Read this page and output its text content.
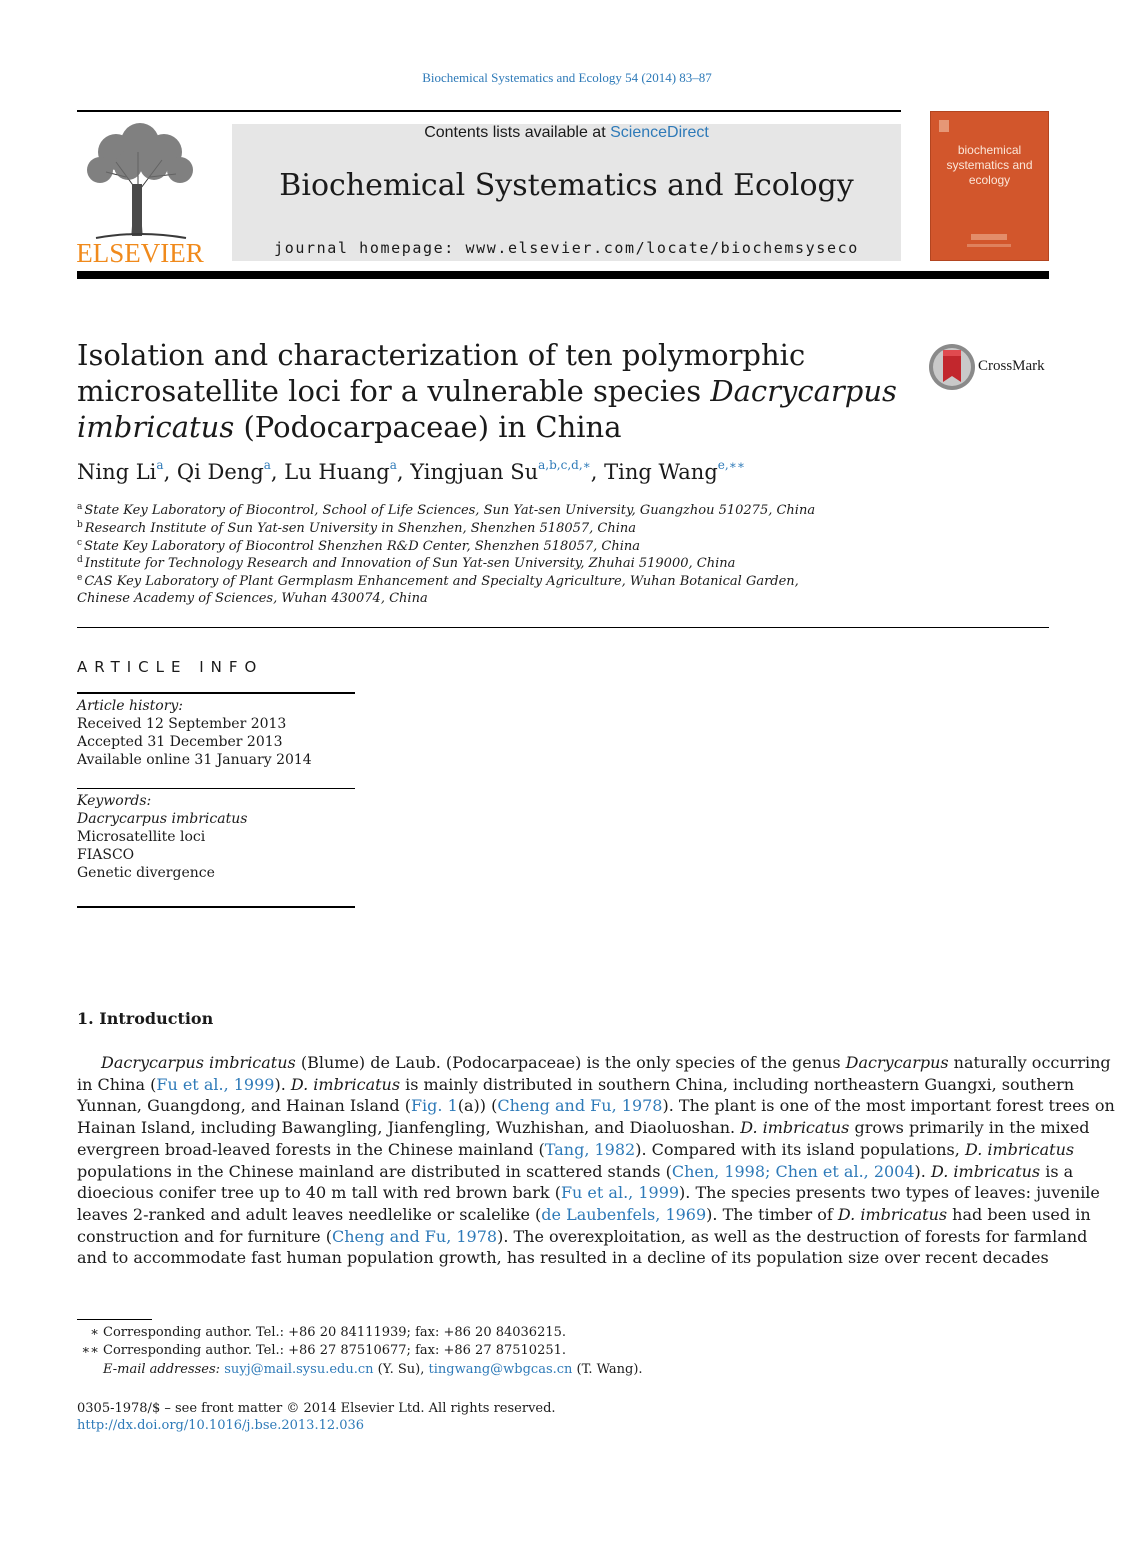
Biochemical Systematics and Ecology 54 (2014) 83–87
ELSEVIER
Contents lists available at ScienceDirect
Biochemical Systematics and Ecology
journal homepage: www.elsevier.com/locate/biochemsyseco
biochemical systematics and ecology
Isolation and characterization of ten polymorphic
microsatellite loci for a vulnerable species Dacrycarpus
imbricatus (Podocarpaceae) in China
CrossMark
Ning Li$^a$, Qi Deng$^a$, Lu Huang$^a$, Yingjuan $Su^{a,b,c,d,∗}$, Ting Wang$^{e,∗∗}$
$^a$ State Key Laboratory of Biocontrol, School of Life Sciences, Sun Yat-sen University, Guangzhou 510275, China
$^b$ Research Institute of Sun Yat-sen University in Shenzhen, Shenzhen 518057, China
$^c$ State Key Laboratory of Biocontrol Shenzhen R&D Center, Shenzhen 518057, China
$^d$ Institute for Technology Research and Innovation of Sun Yat-sen University, Zhuhai 519000, China
$^e$ CAS Key Laboratory of Plant Germplasm Enhancement and Specialty Agriculture, Wuhan Botanical Garden,
Chinese Academy of Sciences, Wuhan 430074, China
ARTICLE INFO
Article history:
Received 12 September 2013
Accepted 31 December 2013
Available online 31 January 2014
Keywords:
Dacrycarpus imbricatus
Microsatellite loci
FIASCO
Genetic divergence
1. Introduction
Dacrycarpus imbricatus (Blume) de Laub. (Podocarpaceae) is the only species of the genus Dacrycarpus naturally occurring
in China (Fu et al., 1999). D. imbricatus is mainly distributed in southern China, including northeastern Guangxi, southern
Yunnan, Guangdong, and Hainan Island (Fig. 1(a)) (Cheng and Fu, 1978). The plant is one of the most important forest trees on
Hainan Island, including Bawangling, Jianfengling, Wuzhishan, and Diaoluoshan. D. imbricatus grows primarily in the mixed
evergreen broad-leaved forests in the Chinese mainland (Tang, 1982). Compared with its island populations, D. imbricatus
populations in the Chinese mainland are distributed in scattered stands (Chen, 1998; Chen et al., 2004). D. imbricatus is a
dioecious conifer tree up to 40 m tall with red brown bark (Fu et al., 1999). The species presents two types of leaves: juvenile
leaves 2-ranked and adult leaves needlelike or scalelike (de Laubenfels, 1969). The timber of D. imbricatus had been used in
construction and for furniture (Cheng and Fu, 1978). The overexploitation, as well as the destruction of forests for farmland
and to accommodate fast human population growth, has resulted in a decline of its population size over recent decades
∗ Corresponding author. Tel.: +86 20 84111939; fax: +86 20 84036215.
∗∗ Corresponding author. Tel.: +86 27 87510677; fax: +86 27 87510251.
E-mail addresses: suyj@mail.sysu.edu.cn (Y. Su), tingwang@wbgcas.cn (T. Wang).
0305-1978/$ – see front matter © 2014 Elsevier Ltd. All rights reserved.
http://dx.doi.org/10.1016/j.bse.2013.12.036
